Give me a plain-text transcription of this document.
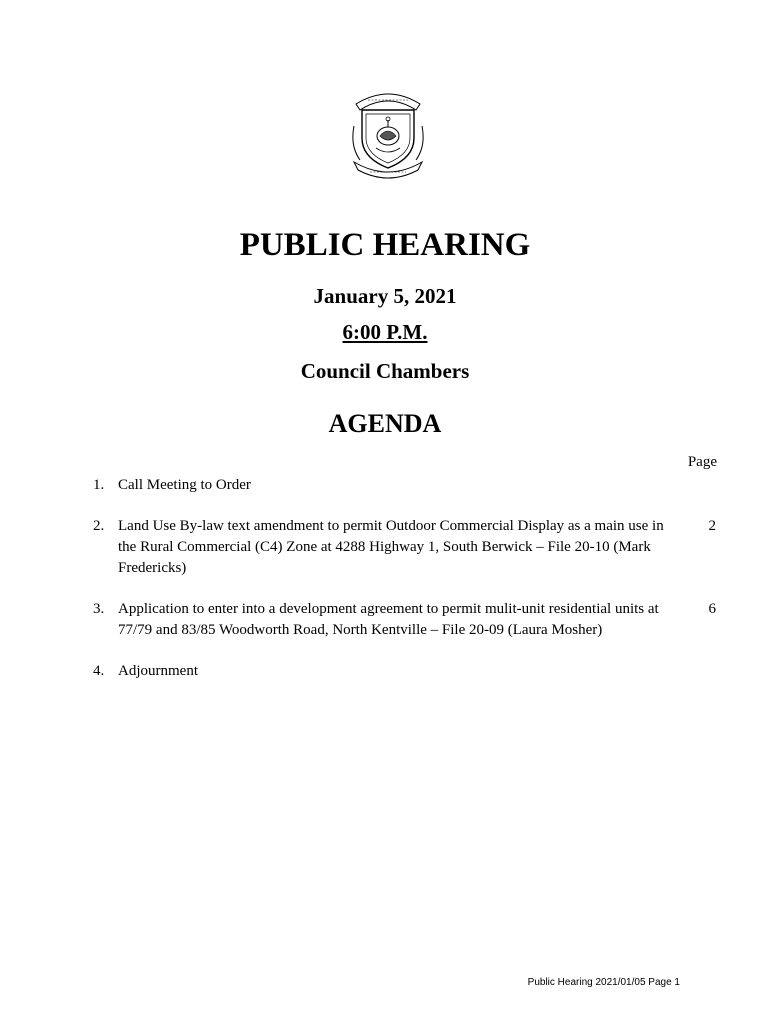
PUBLIC HEARING

January 5, 2021

6:00 P.M.

Council Chambers

AGENDA
Page
1. Call Meeting to Order
2. Land Use By-law text amendment to permit Outdoor Commercial Display as a main use in the Rural Commercial (C4) Zone at 4288 Highway 1, South Berwick – File 20-10 (Mark Fredericks)
2
3. Application to enter into a development agreement to permit mulit-unit residential units at 77/79 and 83/85 Woodworth Road, North Kentville – File 20-09 (Laura Mosher)
6
4. Adjournment
Public Hearing 2021/01/05 Page 1
